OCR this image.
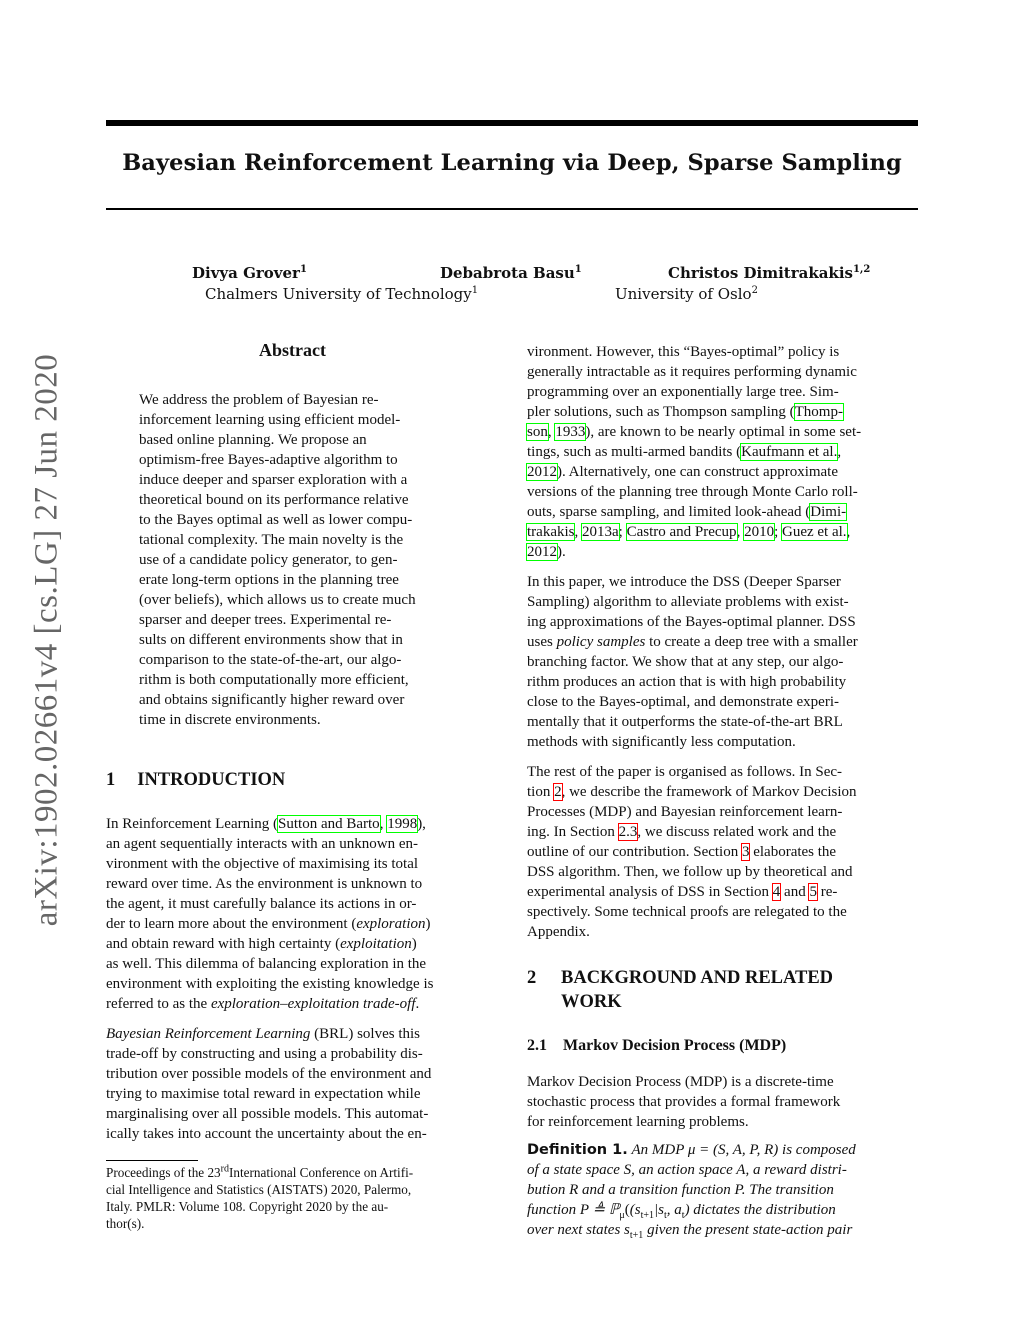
Bayesian Reinforcement Learning via Deep, Sparse Sampling
Divya Grover$^1$	Debabrota Basu$^1$	Christos Dimitrakakis$^{1,2}$
Chalmers University of Technology$^1$	University of Oslo$^2$
arXiv:1902.02661v4 [cs.LG] 27 Jun 2020
Abstract
We address the problem of Bayesian re-
inforcement learning using efficient model-
based online planning. We propose an
optimism-free Bayes-adaptive algorithm to
induce deeper and sparser exploration with a
theoretical bound on its performance relative
to the Bayes optimal as well as lower compu-
tational complexity. The main novelty is the
use of a candidate policy generator, to gen-
erate long-term options in the planning tree
(over beliefs), which allows us to create much
sparser and deeper trees. Experimental re-
sults on different environments show that in
comparison to the state-of-the-art, our algo-
rithm is both computationally more efficient,
and obtains significantly higher reward over
time in discrete environments.
1 INTRODUCTION
In Reinforcement Learning (Sutton and Barto, 1998),
an agent sequentially interacts with an unknown en-
vironment with the objective of maximising its total
reward over time. As the environment is unknown to
the agent, it must carefully balance its actions in or-
der to learn more about the environment (exploration)
and obtain reward with high certainty (exploitation)
as well. This dilemma of balancing exploration in the
environment with exploiting the existing knowledge is
referred to as the exploration–exploitation trade-off.
Bayesian Reinforcement Learning (BRL) solves this
trade-off by constructing and using a probability dis-
tribution over possible models of the environment and
trying to maximise total reward in expectation while
marginalising over all possible models. This automat-
ically takes into account the uncertainty about the en-
Proceedings of the 23rdInternational Conference on Artifi-
cial Intelligence and Statistics (AISTATS) 2020, Palermo,
Italy. PMLR: Volume 108. Copyright 2020 by the au-
thor(s).
vironment. However, this “Bayes-optimal” policy is
generally intractable as it requires performing dynamic
programming over an exponentially large tree. Sim-
pler solutions, such as Thompson sampling (Thomp-
son, 1933), are known to be nearly optimal in some set-
tings, such as multi-armed bandits (Kaufmann et al.,
2012). Alternatively, one can construct approximate
versions of the planning tree through Monte Carlo roll-
outs, sparse sampling, and limited look-ahead (Dimi-
trakakis, 2013a; Castro and Precup, 2010; Guez et al.,
2012).
In this paper, we introduce the DSS (Deeper Sparser
Sampling) algorithm to alleviate problems with exist-
ing approximations of the Bayes-optimal planner. DSS
uses policy samples to create a deep tree with a smaller
branching factor. We show that at any step, our algo-
rithm produces an action that is with high probability
close to the Bayes-optimal, and demonstrate experi-
mentally that it outperforms the state-of-the-art BRL
methods with significantly less computation.
The rest of the paper is organised as follows. In Sec-
tion 2, we describe the framework of Markov Decision
Processes (MDP) and Bayesian reinforcement learn-
ing. In Section 2.3, we discuss related work and the
outline of our contribution. Section 3 elaborates the
DSS algorithm. Then, we follow up by theoretical and
experimental analysis of DSS in Section 4 and 5 re-
spectively. Some technical proofs are relegated to the
Appendix.
2 BACKGROUND AND RELATED
WORK
2.1 Markov Decision Process (MDP)
Markov Decision Process (MDP) is a discrete-time
stochastic process that provides a formal framework
for reinforcement learning problems.
Definition 1. An MDP μ = (S, A, P, R) is composed
of a state space S, an action space A, a reward distri-
bution R and a transition function P. The transition
function P ≜ $ℙ_\mu((s_{t+1}|s_t$, $a_t$) dictates the distribution
over next states $s_{t+1}$ given the present state-action pair
